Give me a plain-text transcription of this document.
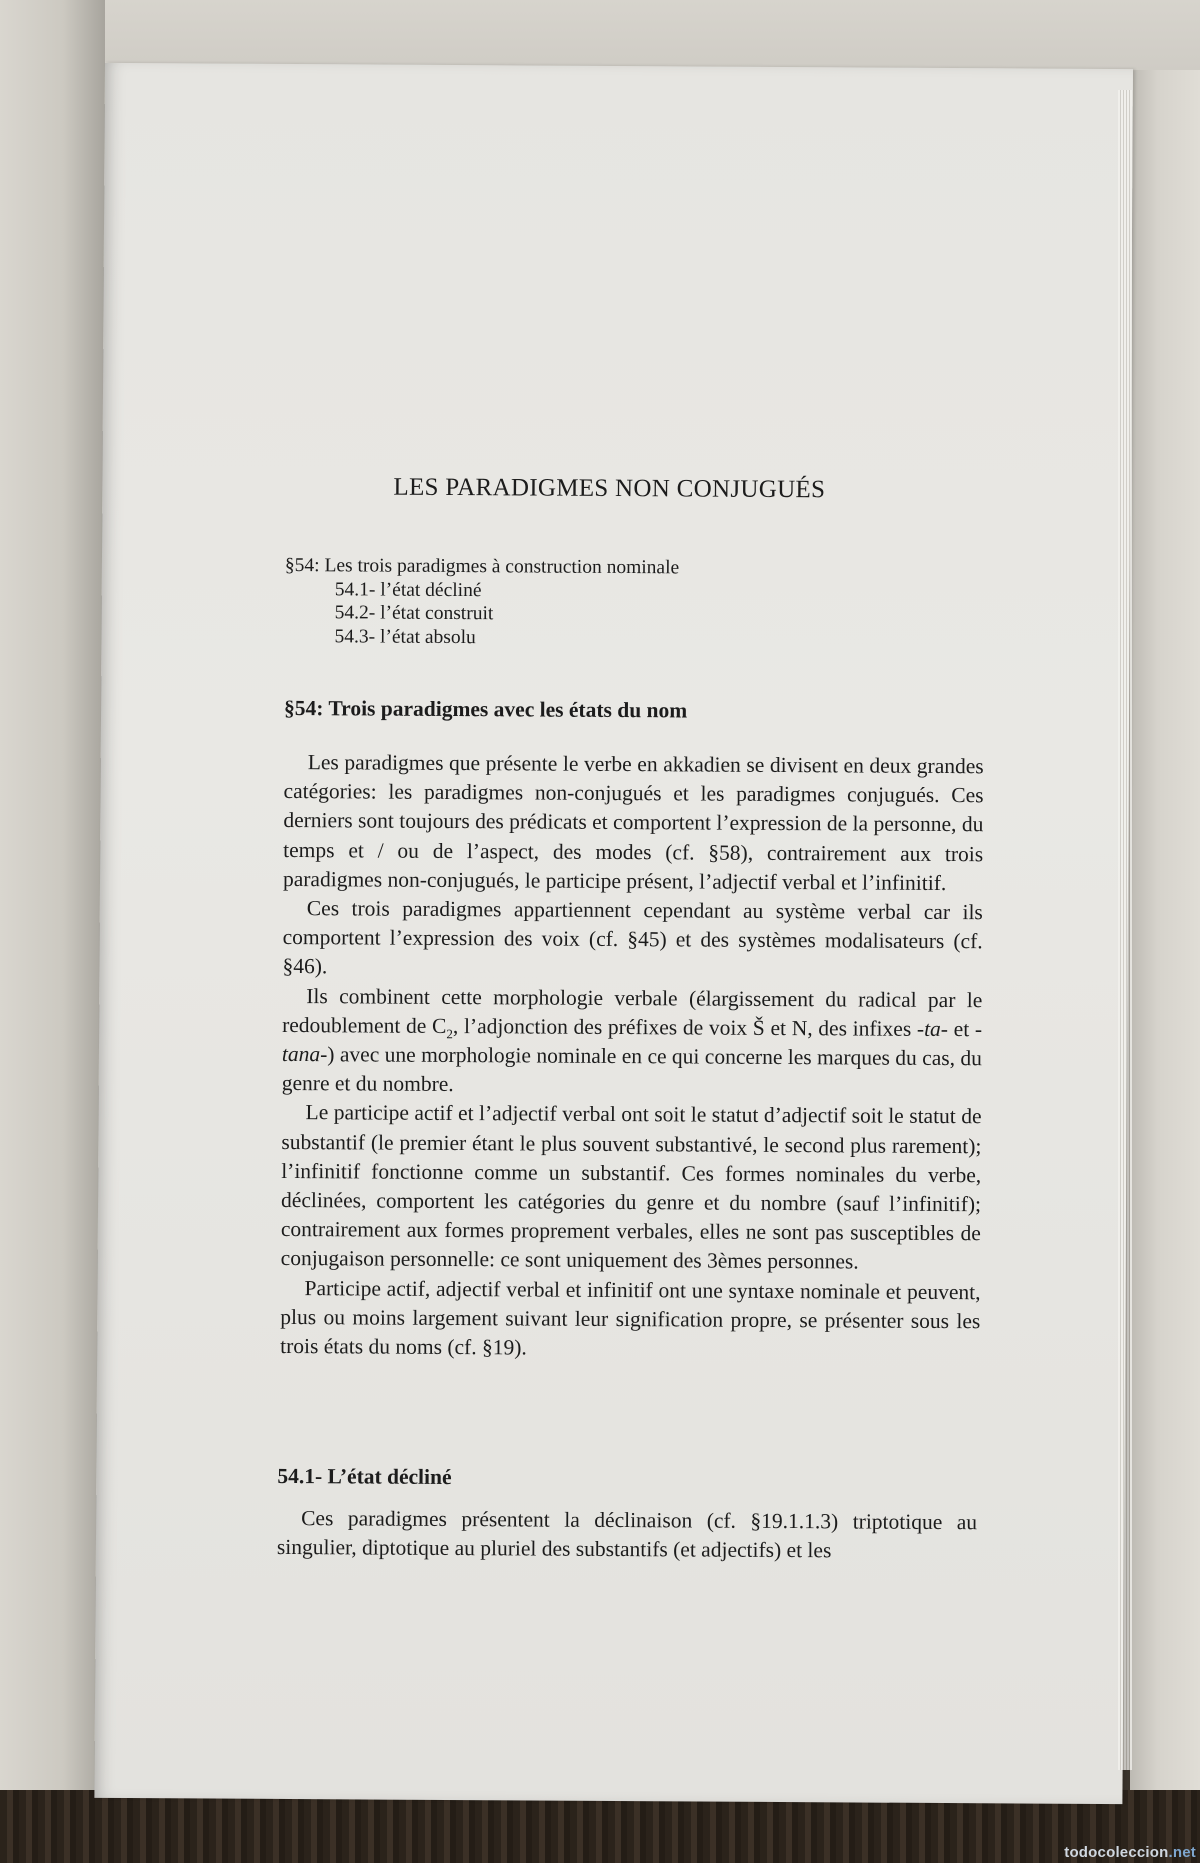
LES PARADIGMES NON CONJUGUÉS
§54: Les trois paradigmes à construction nominale
54.1- l’état décliné
54.2- l’état construit
54.3- l’état absolu
§54: Trois paradigmes avec les états du nom

Les paradigmes que présente le verbe en akkadien se divisent en deux grandes catégories: les paradigmes non-conjugués et les paradigmes conjugués. Ces derniers sont toujours des prédicats et comportent l’expression de la personne, du temps et / ou de l’aspect, des modes (cf. §58), contrairement aux trois paradigmes non-conjugués, le participe présent, l’adjectif verbal et l’infinitif.

Ces trois paradigmes appartiennent cependant au système verbal car ils comportent l’expression des voix (cf. §45) et des systèmes modalisateurs (cf. §46).

Ils combinent cette morphologie verbale (élargissement du radical par le redoublement de $C_2$, l’adjonction des préfixes de voix Š et N, des infixes -ta- et -tana-) avec une morphologie nominale en ce qui concerne les marques du cas, du genre et du nombre.

Le participe actif et l’adjectif verbal ont soit le statut d’adjectif soit le statut de substantif (le premier étant le plus souvent substantivé, le second plus rarement); l’infinitif fonctionne comme un substantif. Ces formes nominales du verbe, déclinées, comportent les catégories du genre et du nombre (sauf l’infinitif); contrairement aux formes proprement verbales, elles ne sont pas susceptibles de conjugaison personnelle: ce sont uniquement des 3èmes personnes.

Participe actif, adjectif verbal et infinitif ont une syntaxe nominale et peuvent, plus ou moins largement suivant leur signification propre, se présenter sous les trois états du noms (cf. §19).

54.1- L’état décliné

Ces paradigmes présentent la déclinaison (cf. §19.1.1.3) triptotique au singulier, diptotique au pluriel des substantifs (et adjectifs) et les

todocoleccion.net
